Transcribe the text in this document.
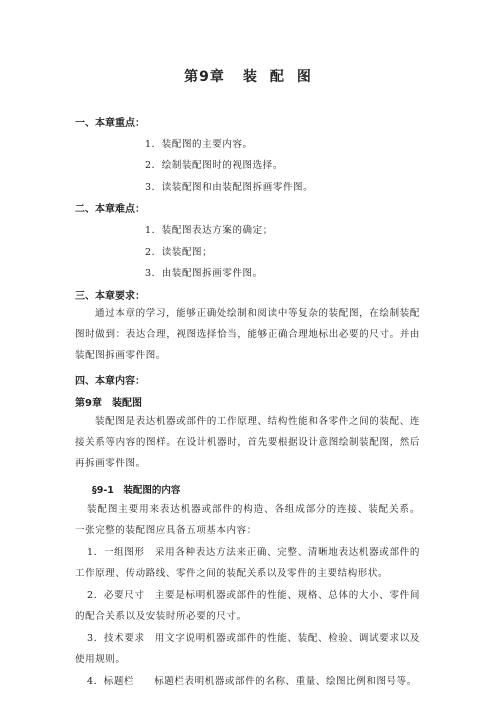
第9章 装 配 图
一、本章重点：
1．装配图的主要内容。
2．绘制装配图时的视图选择。
3．读装配图和由装配图拆画零件图。
二、本章难点：
1．装配图表达方案的确定；
2．读装配图；
3．由装配图拆画零件图。
三、本章要求：
通过本章的学习，能够正确处绘制和阅读中等复杂的装配图，在绘制装配图时做到：表达合理，视图选择恰当，能够正确合理地标出必要的尺寸。并由装配图拆画零件图。
四、本章内容：
第9章　装配图
装配图是表达机器或部件的工作原理、结构性能和各零件之间的装配、连接关系等内容的图样。在设计机器时，首先要根据设计意图绘制装配图，然后再拆画零件图。
§9-1　装配图的内容
装配图主要用来表达机器或部件的构造、各组成部分的连接、装配关系。一张完整的装配图应具备五项基本内容：
1．一组图形　采用各种表达方法来正确、完整、清晰地表达机器或部件的工作原理、传动路线、零件之间的装配关系以及零件的主要结构形状。
2．必要尺寸　主要是标明机器或部件的性能、规格、总体的大小、零件间的配合关系以及安装时所必要的尺寸。
3．技术要求　用文字说明机器或部件的性能、装配、检验、调试要求以及使用规则。
4．标题栏　　标题栏表明机器或部件的名称、重量、绘图比例和图号等。
